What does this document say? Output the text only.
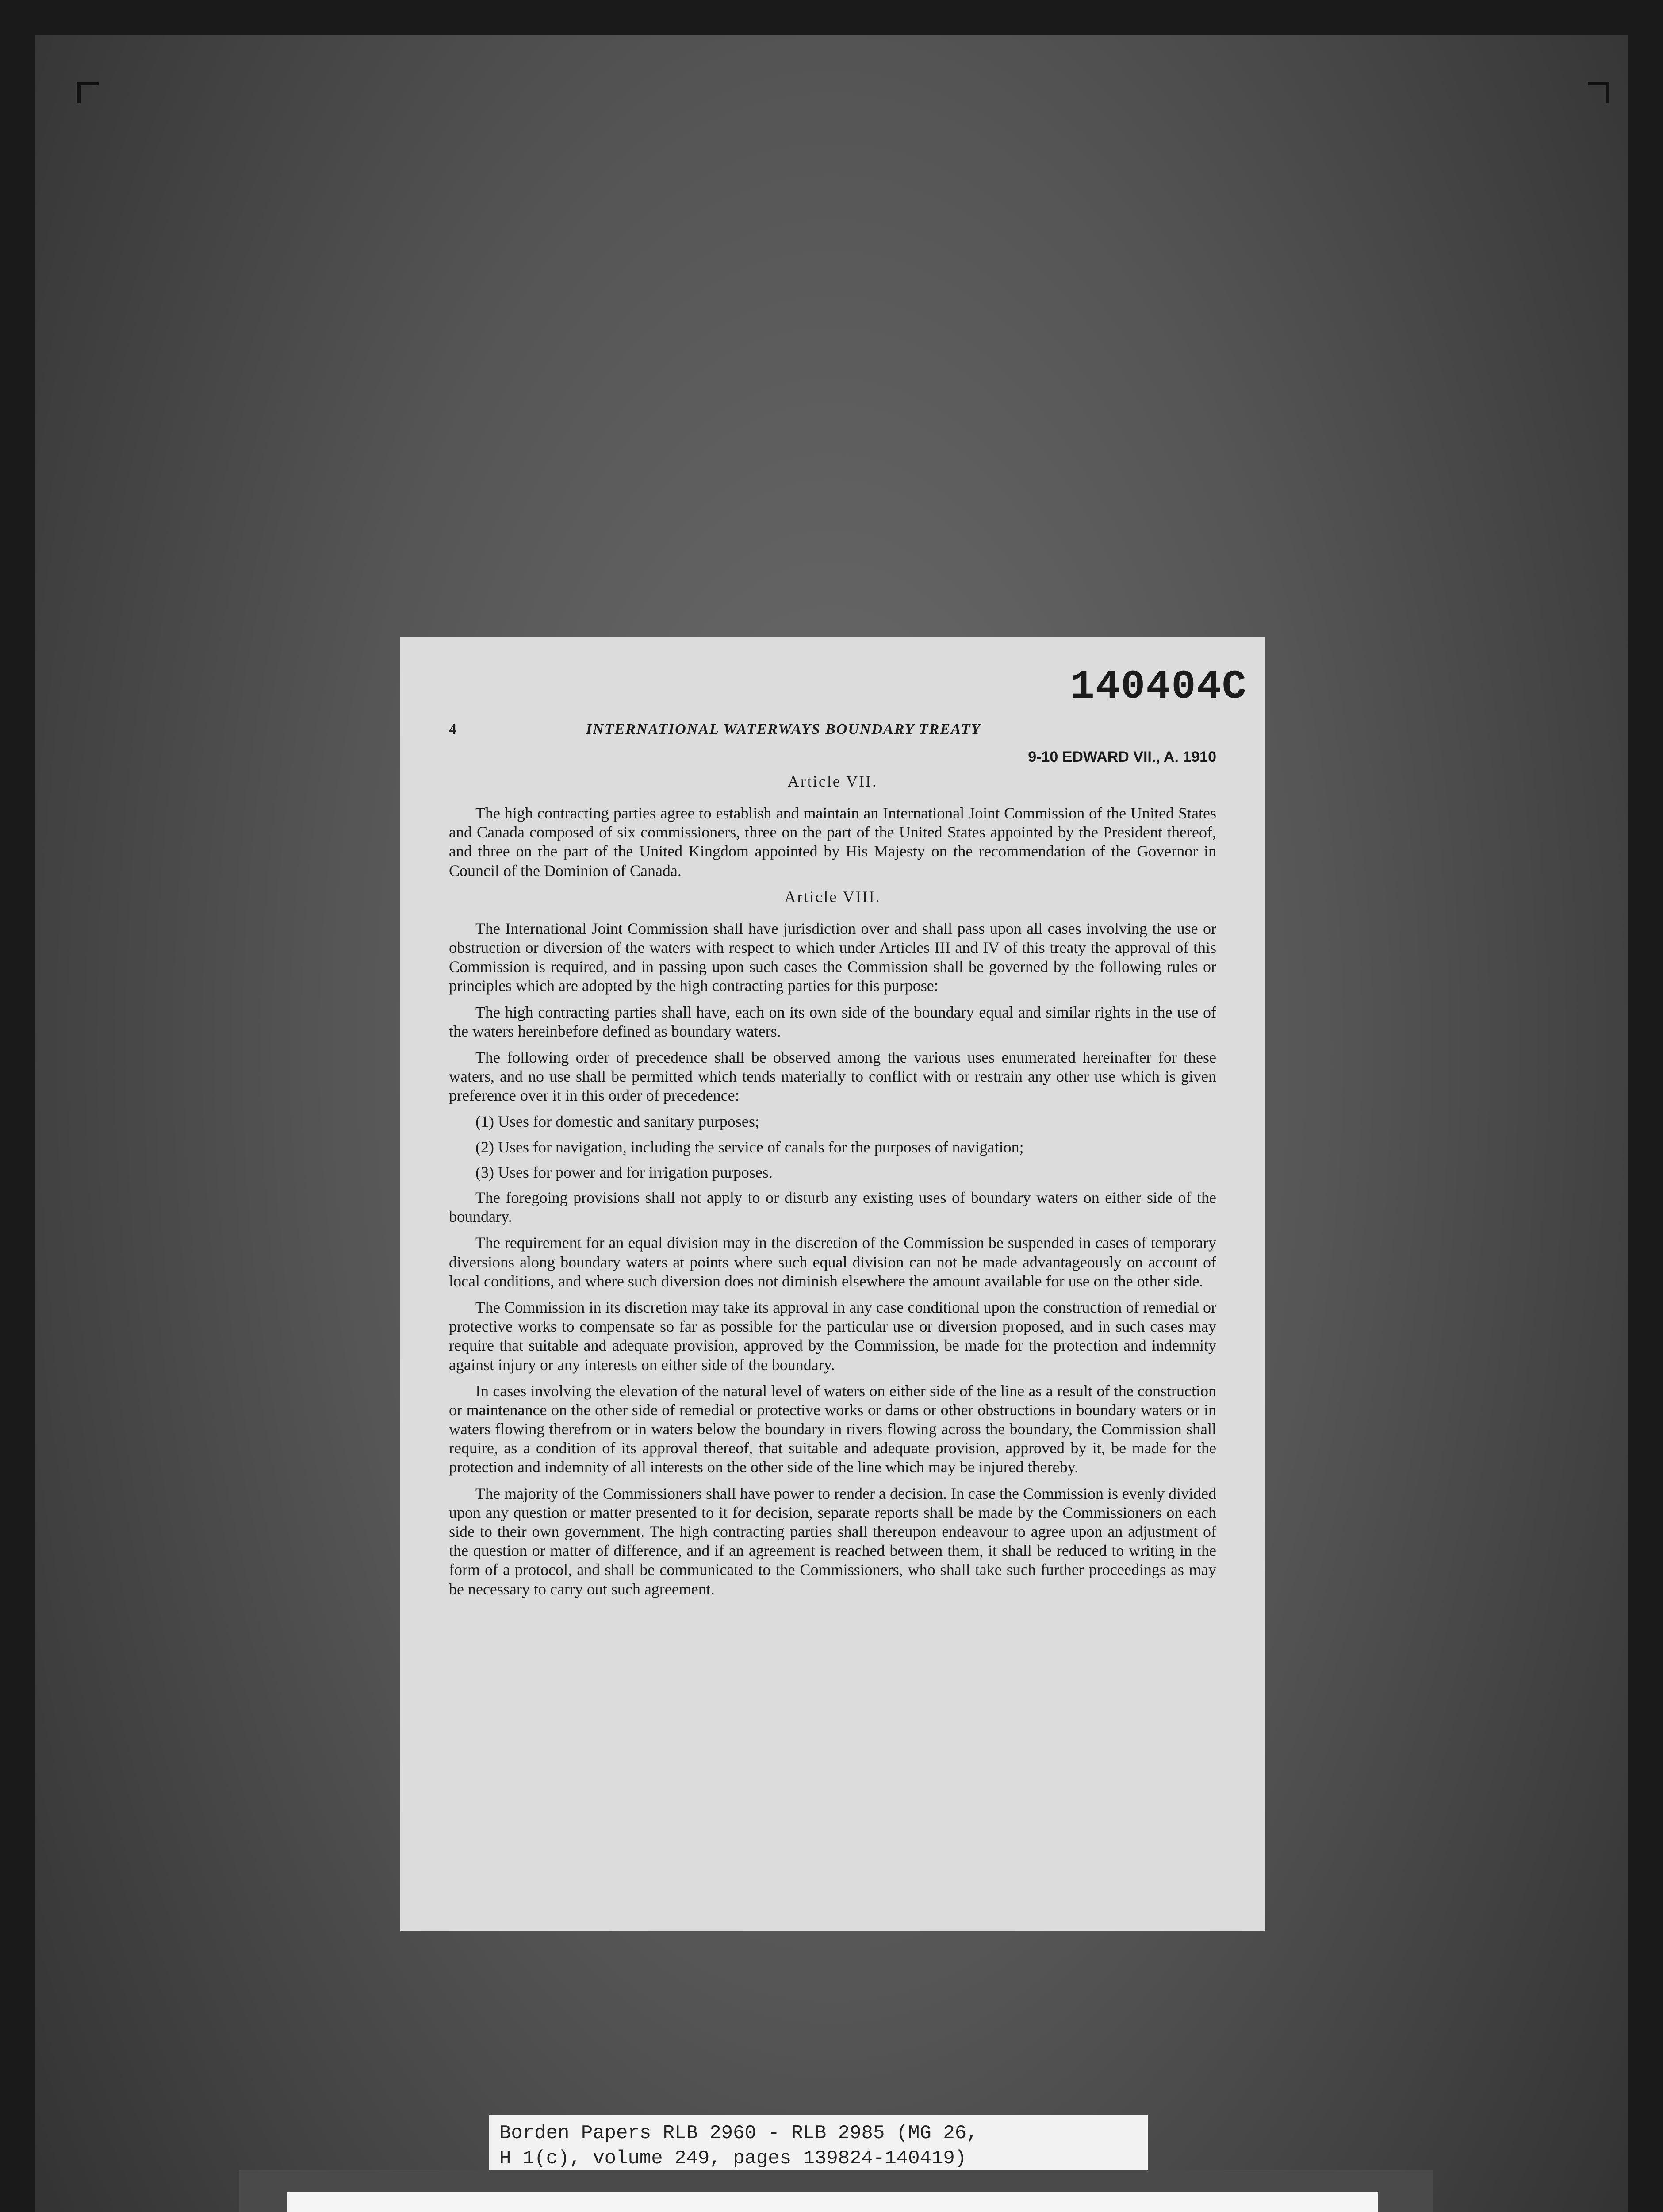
140404C
4	INTERNATIONAL WATERWAYS BOUNDARY TREATY
9-10 EDWARD VII., A. 1910
Article VII.

The high contracting parties agree to establish and maintain an International Joint Commission of the United States and Canada composed of six commissioners, three on the part of the United States appointed by the President thereof, and three on the part of the United Kingdom appointed by His Majesty on the recommendation of the Governor in Council of the Dominion of Canada.

Article VIII.

The International Joint Commission shall have jurisdiction over and shall pass upon all cases involving the use or obstruction or diversion of the waters with respect to which under Articles III and IV of this treaty the approval of this Commission is required, and in passing upon such cases the Commission shall be governed by the following rules or principles which are adopted by the high contracting parties for this purpose:

The high contracting parties shall have, each on its own side of the boundary equal and similar rights in the use of the waters hereinbefore defined as boundary waters.

The following order of precedence shall be observed among the various uses enumerated hereinafter for these waters, and no use shall be permitted which tends materially to conflict with or restrain any other use which is given preference over it in this order of precedence:

(1) Uses for domestic and sanitary purposes;

(2) Uses for navigation, including the service of canals for the purposes of navigation;

(3) Uses for power and for irrigation purposes.

The foregoing provisions shall not apply to or disturb any existing uses of boundary waters on either side of the boundary.

The requirement for an equal division may in the discretion of the Commission be suspended in cases of temporary diversions along boundary waters at points where such equal division can not be made advantageously on account of local conditions, and where such diversion does not diminish elsewhere the amount available for use on the other side.

The Commission in its discretion may take its approval in any case conditional upon the construction of remedial or protective works to compensate so far as possible for the particular use or diversion proposed, and in such cases may require that suitable and adequate provision, approved by the Commission, be made for the protection and indemnity against injury or any interests on either side of the boundary.

In cases involving the elevation of the natural level of waters on either side of the line as a result of the construction or maintenance on the other side of remedial or protective works or dams or other obstructions in boundary waters or in waters flowing therefrom or in waters below the boundary in rivers flowing across the boundary, the Commission shall require, as a condition of its approval thereof, that suitable and adequate provision, approved by it, be made for the protection and indemnity of all interests on the other side of the line which may be injured thereby.

The majority of the Commissioners shall have power to render a decision. In case the Commission is evenly divided upon any question or matter presented to it for decision, separate reports shall be made by the Commissioners on each side to their own government. The high contracting parties shall thereupon endeavour to agree upon an adjustment of the question or matter of difference, and if an agreement is reached between them, it shall be reduced to writing in the form of a protocol, and shall be communicated to the Commissioners, who shall take such further proceedings as may be necessary to carry out such agreement.

Borden Papers RLB 2960 - RLB 2985 (MG 26,
H 1(c), volume 249, pages 139824-140419)
